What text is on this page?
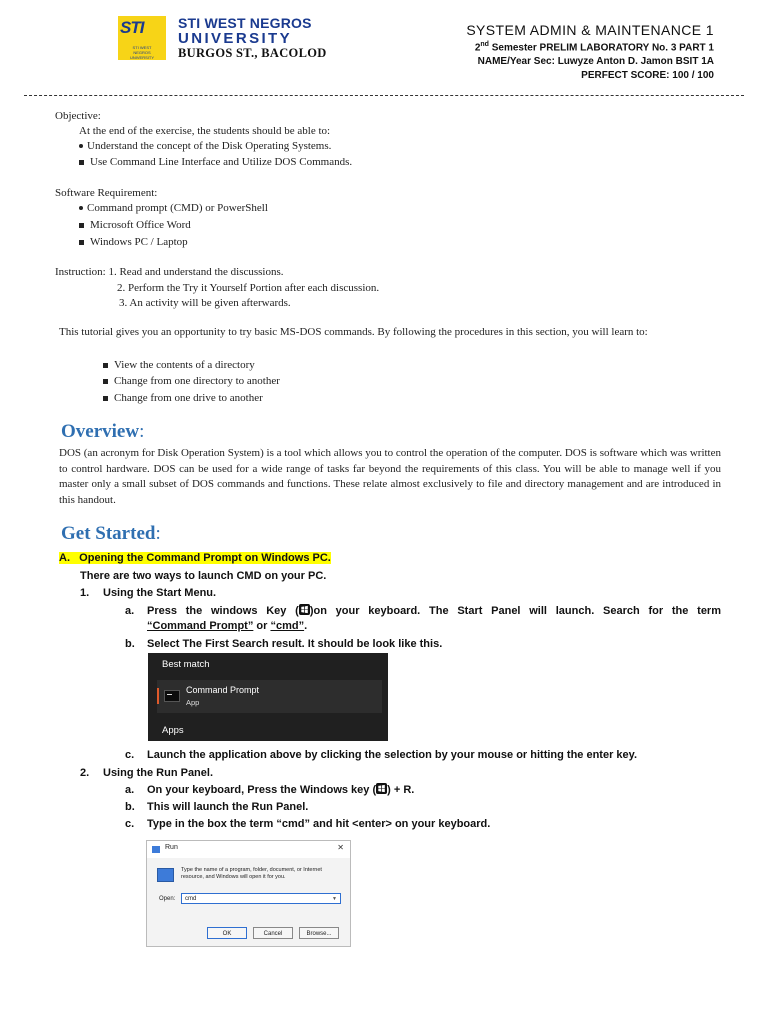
STI
STI WEST NEGROS UNIVERSITY
STI WEST NEGROS
UNIVERSITY
BURGOS ST., BACOLOD
SYSTEM ADMIN & MAINTENANCE 1
2nd Semester PRELIM LABORATORY No. 3 PART 1
NAME/Year Sec: Luwyze Anton D. Jamon BSIT 1A
PERFECT SCORE: 100 / 100
Objective:
At the end of the exercise, the students should be able to:
Understand the concept of the Disk Operating Systems.
Use Command Line Interface and Utilize DOS Commands.
Software Requirement:
Command prompt (CMD) or PowerShell
Microsoft Office Word
Windows PC / Laptop
Instruction: 1. Read and understand the discussions.
2. Perform the Try it Yourself Portion after each discussion.
3. An activity will be given afterwards.
This tutorial gives you an opportunity to try basic MS-DOS commands. By following the procedures in this section, you will learn to:
View the contents of a directory
Change from one directory to another
Change from one drive to another
Overview:
DOS (an acronym for Disk Operation System) is a tool which allows you to control the operation of the computer. DOS is software which was written to control hardware. DOS can be used for a wide range of tasks far beyond the requirements of this class. You will be able to manage well if you master only a small subset of DOS commands and functions. These relate almost exclusively to file and directory management and are introduced in this handout.
Get Started:
A. Opening the Command Prompt on Windows PC.
There are two ways to launch CMD on your PC.
1. Using the Start Menu.
a. Press the windows Key ( )on your keyboard. The Start Panel will launch. Search for the term
“Command Prompt” or “cmd”.
b. Select The First Search result. It should be look like this.
Best match
Command Prompt
App
Apps
c. Launch the application above by clicking the selection by your mouse or hitting the enter key.
2. Using the Run Panel.
a. On your keyboard, Press the Windows key ( ) + R.
b. This will launch the Run Panel.
c. Type in the box the term “cmd” and hit <enter> on your keyboard.
Run	✕
Type the name of a program, folder, document, or Internet resource, and Windows will open it for you.
Open:	cmd	▼
OK	Cancel	Browse...
